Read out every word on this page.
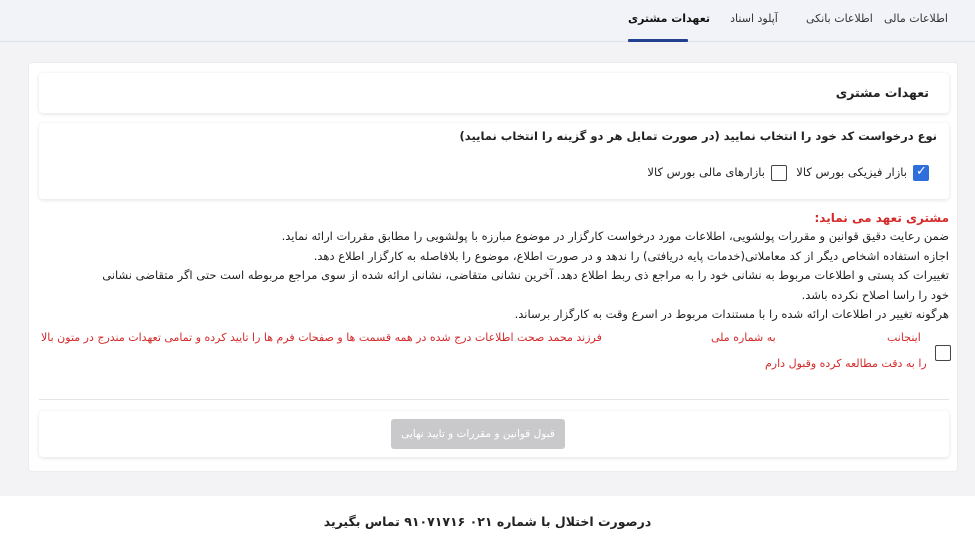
اطلاعات مالی
اطلاعات بانکی
آپلود اسناد
تعهدات مشتری
تعهدات مشتری
نوع درخواست کد خود را انتخاب نمایید (در صورت تمایل هر دو گزینه را انتخاب نمایید)
✓
بازار فیزیکی بورس کالا
بازارهای مالی بورس کالا
مشتری تعهد می نماید:
ضمن رعایت دقیق قوانین و مقررات پولشویی، اطلاعات مورد درخواست کارگزار در موضوع مبارزه با پولشویی را مطابق مقررات ارائه نماید.
اجازه استفاده اشخاص دیگر از کد معاملاتی(خدمات پایه دریافتی) را ندهد و در صورت اطلاع، موضوع را بلافاصله به کارگزار اطلاع دهد.
تغییرات کد پستی و اطلاعات مربوط به نشانی خود را به مراجع ذی ربط اطلاع دهد. آخرین نشانی متقاضی، نشانی ارائه شده از سوی مراجع مربوطه است حتی اگر متقاضی نشانی
خود را راسا اصلاح نکرده باشد.
هرگونه تغییر در اطلاعات ارائه شده را با مستندات مربوط در اسرع وقت به کارگزار برساند.
اینجانب
به شماره ملی
فرزند محمد صحت اطلاعات درج شده در همه قسمت ها و صفحات فرم ها را تایید کرده و تمامی تعهدات مندرج در متون بالا
را به دقت مطالعه کرده وقبول دارم
قبول قوانین و مقررات و تایید نهایی
درصورت اختلال با شماره ۰۲۱ ۹۱۰۷۱۷۱۶ تماس بگیرید
